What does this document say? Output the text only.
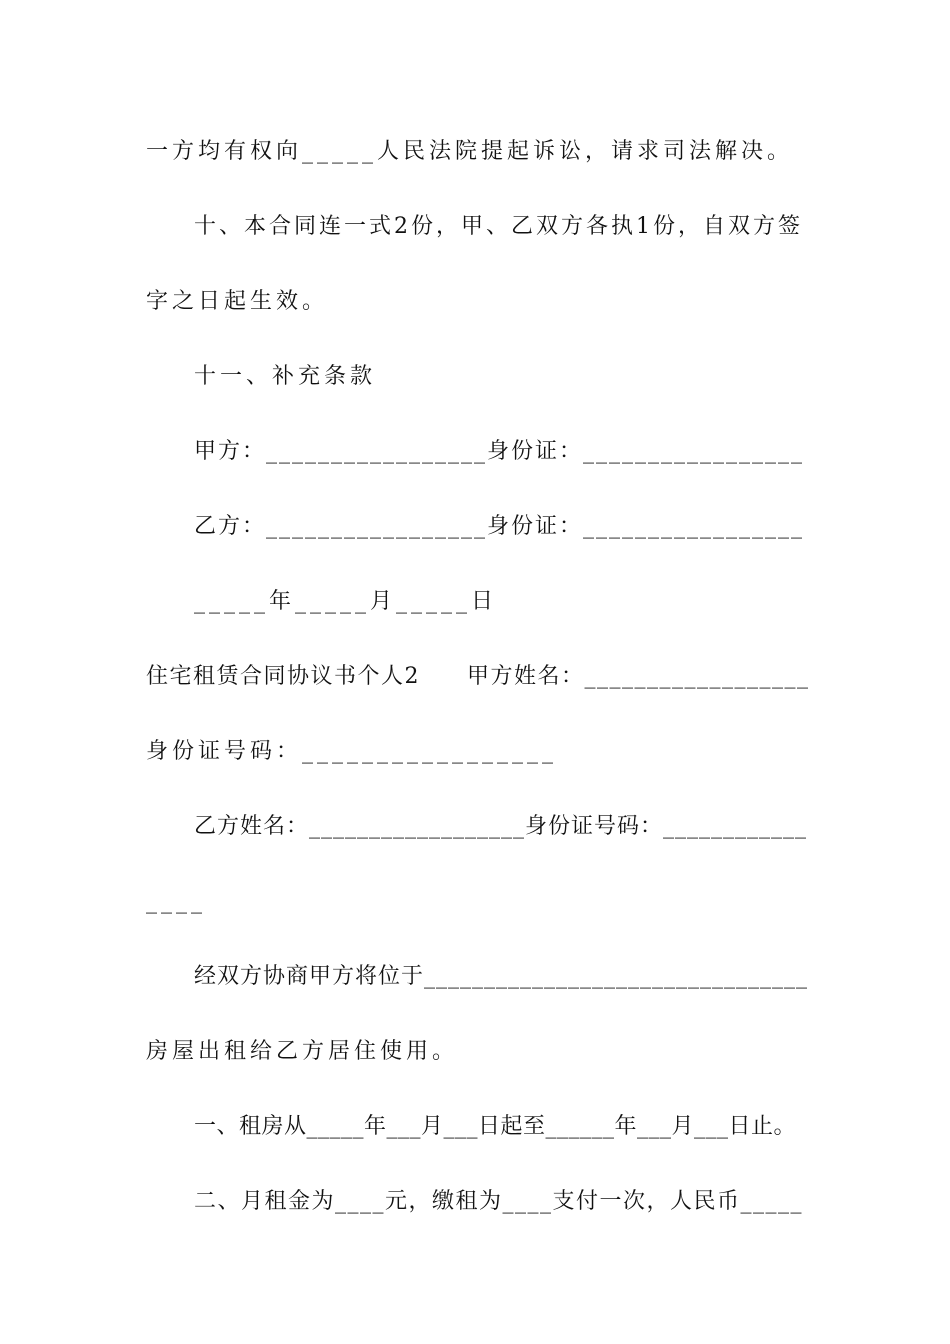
一方均有权向_____人民法院提起诉讼，请求司法解决。
十、本合同连一式2份，甲、乙双方各执1份，自双方签
字之日起生效。
十一、补充条款
甲方：_________________身份证：_________________
乙方：_________________身份证：_________________
_____年_____月_____日
住宅租赁合同协议书个人2　　甲方姓名：__________________
身份证号码：_________________
乙方姓名：__________________身份证号码：____________
____
经双方协商甲方将位于________________________________
房屋出租给乙方居住使用。
一、租房从_____年___月___日起至______年___月___日止。
二、月租金为____元，缴租为____支付一次，人民币_____
